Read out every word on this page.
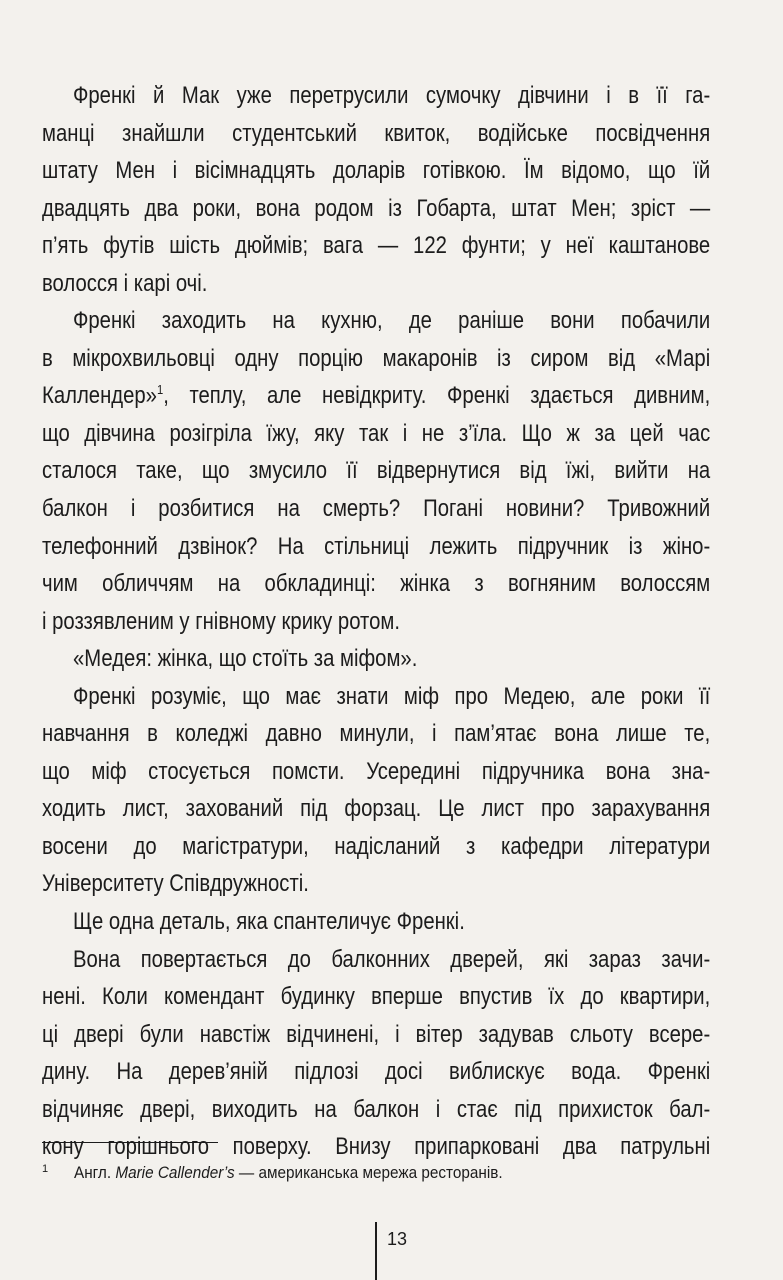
Френкі й Мак уже перетрусили сумочку дівчини і в її га-
манці знайшли студентський квиток, водійське посвідчення
штату Мен і вісімнадцять доларів готівкою. Їм відомо, що їй
двадцять два роки, вона родом із Гобарта, штат Мен; зріст —
п’ять футів шість дюймів; вага — 122 фунти; у неї каштанове
волосся і карі очі.
Френкі заходить на кухню, де раніше вони побачили
в мікрохвильовці одну порцію макаронів із сиром від «Марі
Каллендер»$^1$, теплу, але невідкриту. Френкі здається дивним,
що дівчина розігріла їжу, яку так і не з’їла. Що ж за цей час
сталося таке, що змусило її відвернутися від їжі, вийти на
балкон і розбитися на смерть? Погані новини? Тривожний
телефонний дзвінок? На стільниці лежить підручник із жіно-
чим обличчям на обкладинці: жінка з вогняним волоссям
і роззявленим у гнівному крику ротом.
«Медея: жінка, що стоїть за міфом».
Френкі розуміє, що має знати міф про Медею, але роки її
навчання в коледжі давно минули, і пам’ятає вона лише те,
що міф стосується помсти. Усередині підручника вона зна-
ходить лист, захований під форзац. Це лист про зарахування
восени до магістратури, надісланий з кафедри літератури
Університету Співдружності.
Ще одна деталь, яка спантеличує Френкі.
Вона повертається до балконних дверей, які зараз зачи-
нені. Коли комендант будинку вперше впустив їх до квартири,
ці двері були навстіж відчинені, і вітер задував сльоту всере-
дину. На дерев’яній підлозі досі виблискує вода. Френкі
відчиняє двері, виходить на балкон і стає під прихисток бал-
кону горішнього поверху. Внизу припарковані два патрульні
1 Англ. Marie Callender’s — американська мережа ресторанів.
13
